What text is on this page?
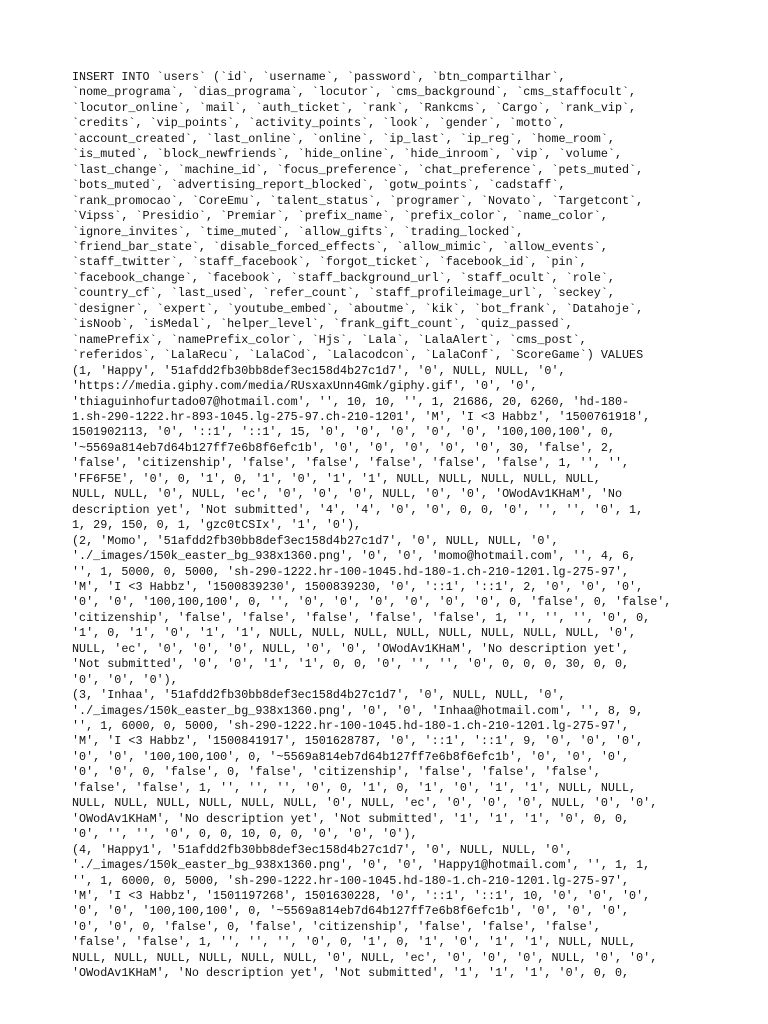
INSERT INTO `users` (`id`, `username`, `password`, `btn_compartilhar`,

`nome_programa`, `dias_programa`, `locutor`, `cms_background`, `cms_staffocult`,

`locutor_online`, `mail`, `auth_ticket`, `rank`, `Rankcms`, `Cargo`, `rank_vip`,

`credits`, `vip_points`, `activity_points`, `look`, `gender`, `motto`,

`account_created`, `last_online`, `online`, `ip_last`, `ip_reg`, `home_room`,

`is_muted`, `block_newfriends`, `hide_online`, `hide_inroom`, `vip`, `volume`,

`last_change`, `machine_id`, `focus_preference`, `chat_preference`, `pets_muted`,

`bots_muted`, `advertising_report_blocked`, `gotw_points`, `cadstaff`,

`rank_promocao`, `CoreEmu`, `talent_status`, `programer`, `Novato`, `Targetcont`,

`Vipss`, `Presidio`, `Premiar`, `prefix_name`, `prefix_color`, `name_color`,

`ignore_invites`, `time_muted`, `allow_gifts`, `trading_locked`,

`friend_bar_state`, `disable_forced_effects`, `allow_mimic`, `allow_events`,

`staff_twitter`, `staff_facebook`, `forgot_ticket`, `facebook_id`, `pin`,

`facebook_change`, `facebook`, `staff_background_url`, `staff_ocult`, `role`,

`country_cf`, `last_used`, `refer_count`, `staff_profileimage_url`, `seckey`,

`designer`, `expert`, `youtube_embed`, `aboutme`, `kik`, `bot_frank`, `Datahoje`,

`isNoob`, `isMedal`, `helper_level`, `frank_gift_count`, `quiz_passed`,

`namePrefix`, `namePrefix_color`, `Hjs`, `Lala`, `LalaAlert`, `cms_post`,

`referidos`, `LalaRecu`, `LalaCod`, `Lalacodcon`, `LalaConf`, `ScoreGame`) VALUES

(1, 'Happy', '51afdd2fb30bb8def3ec158d4b27c1d7', '0', NULL, NULL, '0',

'https://media.giphy.com/media/RUsxaxUnn4Gmk/giphy.gif', '0', '0',

'thiaguinhofurtado07@hotmail.com', '', 10, 10, '', 1, 21686, 20, 6260, 'hd-180-

1.sh-290-1222.hr-893-1045.lg-275-97.ch-210-1201', 'M', 'I <3 Habbz', '1500761918',

1501902113, '0', '::1', '::1', 15, '0', '0', '0', '0', '0', '100,100,100', 0,

'~5569a814eb7d64b127ff7e6b8f6efc1b', '0', '0', '0', '0', '0', 30, 'false', 2,

'false', 'citizenship', 'false', 'false', 'false', 'false', 'false', 1, '', '',

'FF6F5E', '0', 0, '1', 0, '1', '0', '1', '1', NULL, NULL, NULL, NULL, NULL,

NULL, NULL, '0', NULL, 'ec', '0', '0', '0', NULL, '0', '0', 'OWodAv1KHaM', 'No

description yet', 'Not submitted', '4', '4', '0', '0', 0, 0, '0', '', '', '0', 1,

1, 29, 150, 0, 1, 'gzc0tCSIx', '1', '0'),

(2, 'Momo', '51afdd2fb30bb8def3ec158d4b27c1d7', '0', NULL, NULL, '0',

'./_images/150k_easter_bg_938x1360.png', '0', '0', 'momo@hotmail.com', '', 4, 6,

'', 1, 5000, 0, 5000, 'sh-290-1222.hr-100-1045.hd-180-1.ch-210-1201.lg-275-97',

'M', 'I <3 Habbz', '1500839230', 1500839230, '0', '::1', '::1', 2, '0', '0', '0',

'0', '0', '100,100,100', 0, '', '0', '0', '0', '0', '0', '0', 0, 'false', 0, 'false',

'citizenship', 'false', 'false', 'false', 'false', 'false', 1, '', '', '', '0', 0,

'1', 0, '1', '0', '1', '1', NULL, NULL, NULL, NULL, NULL, NULL, NULL, NULL, '0',

NULL, 'ec', '0', '0', '0', NULL, '0', '0', 'OWodAv1KHaM', 'No description yet',

'Not submitted', '0', '0', '1', '1', 0, 0, '0', '', '', '0', 0, 0, 0, 30, 0, 0,

'0', '0', '0'),

(3, 'Inhaa', '51afdd2fb30bb8def3ec158d4b27c1d7', '0', NULL, NULL, '0',

'./_images/150k_easter_bg_938x1360.png', '0', '0', 'Inhaa@hotmail.com', '', 8, 9,

'', 1, 6000, 0, 5000, 'sh-290-1222.hr-100-1045.hd-180-1.ch-210-1201.lg-275-97',

'M', 'I <3 Habbz', '1500841917', 1501628787, '0', '::1', '::1', 9, '0', '0', '0',

'0', '0', '100,100,100', 0, '~5569a814eb7d64b127ff7e6b8f6efc1b', '0', '0', '0',

'0', '0', 0, 'false', 0, 'false', 'citizenship', 'false', 'false', 'false',

'false', 'false', 1, '', '', '', '0', 0, '1', 0, '1', '0', '1', '1', NULL, NULL,

NULL, NULL, NULL, NULL, NULL, NULL, '0', NULL, 'ec', '0', '0', '0', NULL, '0', '0',

'OWodAv1KHaM', 'No description yet', 'Not submitted', '1', '1', '1', '0', 0, 0,

'0', '', '', '0', 0, 0, 10, 0, 0, '0', '0', '0'),

(4, 'Happy1', '51afdd2fb30bb8def3ec158d4b27c1d7', '0', NULL, NULL, '0',

'./_images/150k_easter_bg_938x1360.png', '0', '0', 'Happy1@hotmail.com', '', 1, 1,

'', 1, 6000, 0, 5000, 'sh-290-1222.hr-100-1045.hd-180-1.ch-210-1201.lg-275-97',

'M', 'I <3 Habbz', '1501197268', 1501630228, '0', '::1', '::1', 10, '0', '0', '0',

'0', '0', '100,100,100', 0, '~5569a814eb7d64b127ff7e6b8f6efc1b', '0', '0', '0',

'0', '0', 0, 'false', 0, 'false', 'citizenship', 'false', 'false', 'false',

'false', 'false', 1, '', '', '', '0', 0, '1', 0, '1', '0', '1', '1', NULL, NULL,

NULL, NULL, NULL, NULL, NULL, NULL, '0', NULL, 'ec', '0', '0', '0', NULL, '0', '0',

'OWodAv1KHaM', 'No description yet', 'Not submitted', '1', '1', '1', '0', 0, 0,
